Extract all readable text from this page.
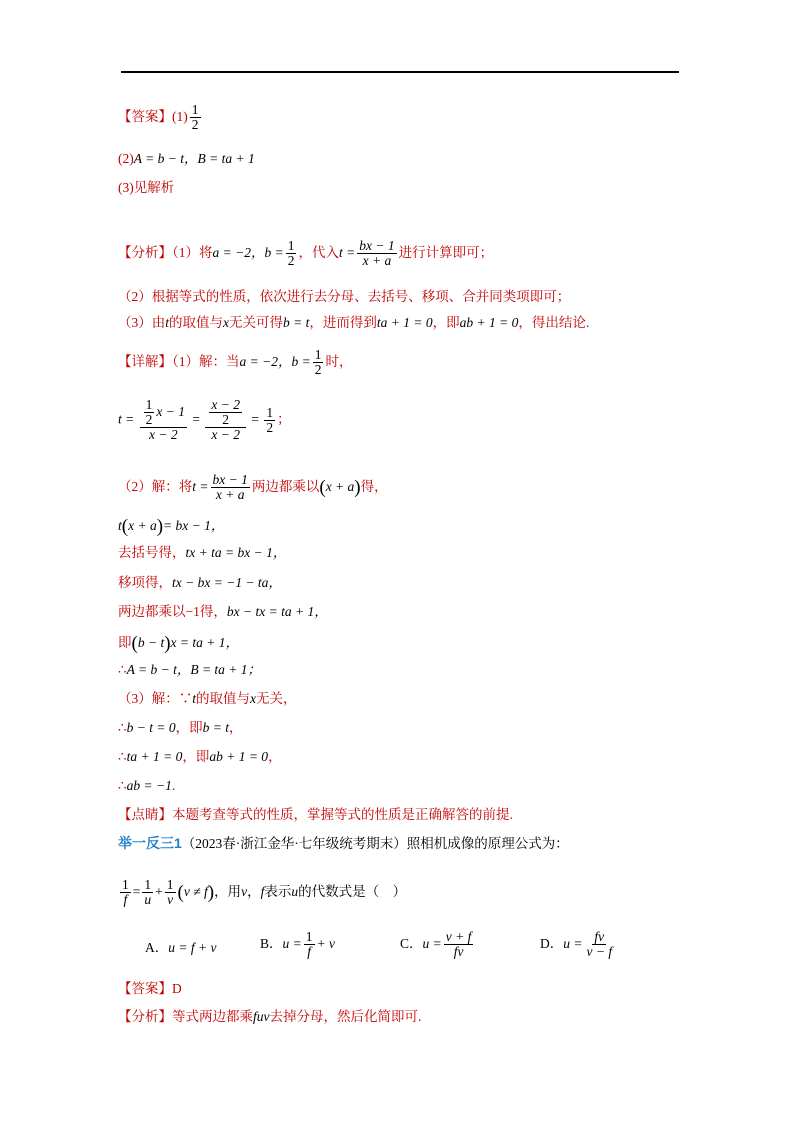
【答案】$(1) \frac{1}{2}$
(2)A = b − t，B = ta + 1
(3)见解析
【分析】（1）将a = −2，$b = \frac{1}{2}$ ，代入$t = \frac{bx - 1}{x + a}$ 进行计算即可；
（2）根据等式的性质，依次进行去分母、去括号、移项、合并同类项即可；
（3）由t的取值与x无关可得b = t，进而得到ta + 1 = 0，即ab + 1 = 0，得出结论.
【详解】（1）解：当a = −2，$b = \frac{1}{2}$ 时，
$t = \frac{\frac{1}{2} x - 1}{x - 2} = \frac{\frac{x - 2}{2}}{x - 2} = \frac{1}{2}$ ；
（2）解：将$t = \frac{bx - 1}{x + a}$ 两边都乘以(x + a)得，
t(x + a)= bx − 1，
去括号得，tx + ta = bx − 1，
移项得，tx − bx = −1 − ta，
两边都乘以−1得，bx − tx = ta + 1，
即(b − t)x = ta + 1，
∴A = b − t，B = ta + 1；
（3）解：∵t的取值与x无关，
∴b − t = 0，即b = t，
∴ta + 1 = 0，即ab + 1 = 0，
∴ab = −1.
【点睛】本题考查等式的性质，掌握等式的性质是正确解答的前提.
举一反三1（2023春·浙江金华·七年级统考期末）照相机成像的原理公式为：
$\frac{1}{f} = \frac{1}{u} + \frac{1}{v} (v \ne f)$，用v，f表示u的代数式是（　）
A．u = f + v	B．$u = \frac{1}{f} + v$	C．$u = \frac{v + f}{fv}$	D．$u = \frac{fv}{v - f}$
【答案】D
【分析】等式两边都乘fuv去掉分母，然后化简即可.
